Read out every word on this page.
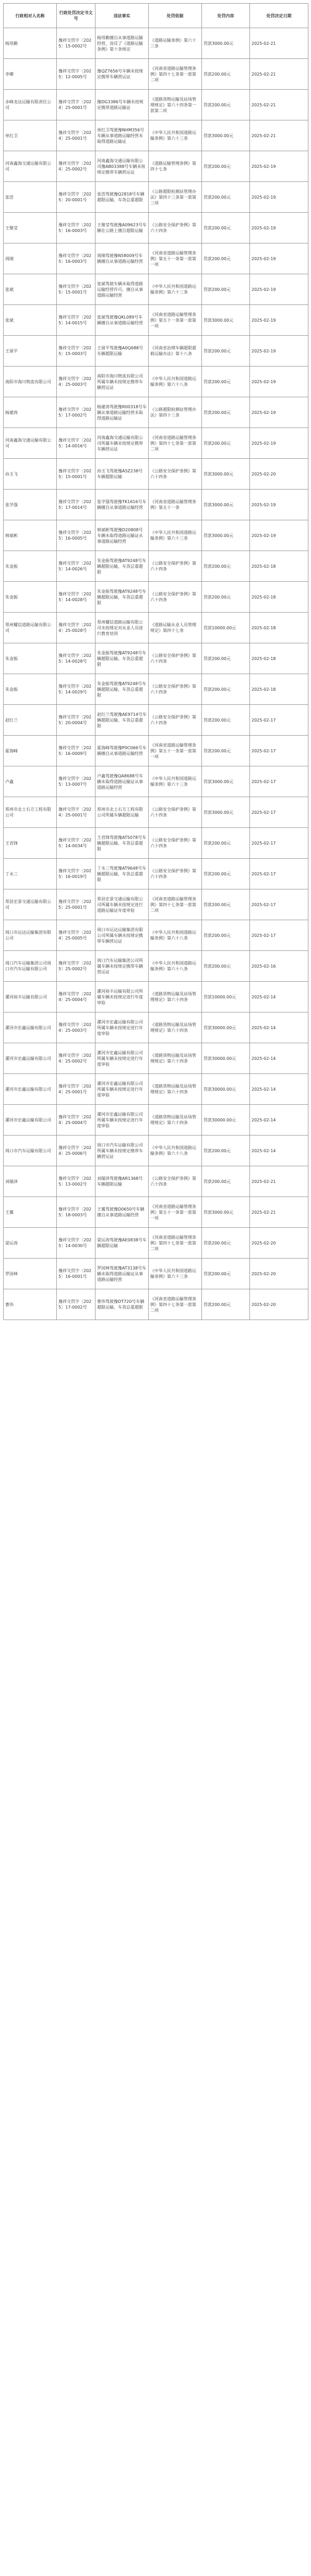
行政相对人名称	行政处罚决定书文号	违法事实	处罚依据	处罚内容	处罚决定日期
杨用勤	豫祥交罚字〔2025〕15-0002号	杨用勤擅自从事道路运输经营，违反了《道路运输条例》第十条规定	《道路运输条例》第六十三条	罚款3000.00元	2025-02-21
李卿	豫祥交罚字〔2025〕12-0005号	豫QZ7656号车辆未按规定携带车辆营运证	《河南省道路运输管理条例》第四十七条第一款第二项	罚款200.00元	2025-02-21
赤峰龙达运输有限责任公司	豫祥交罚字〔2024〕25-0001号	豫DG3386号车辆未按规定携带道路运输证	《道路货物运输及站场管理规定》第六十四条第一款第二项	罚款200.00元	2025-02-21
单红卫	豫祥交罚字〔2024〕25-0001号	单红卫驾驶豫NHM356号车辆从事道路运输经营未取得道路运输证	《中华人民共和国道路运输条例》第六十三条	罚款3000.00元	2025-02-21
河南鑫海交通运输有限公司	豫祥交罚字〔2024〕25-0002号	河南鑫海交通运输有限公司豫AB03388号车辆未按规定携带车辆营运证	《道路运输管理条例》第四十七条	罚款200.00元	2025-02-19
张浩	豫祥交罚字〔2025〕20-0001号	张浩驾驶豫Q2818号车辆超限运输，车货总重超限	《公路超限检测站管理办法》第四十三条第一款第三项	罚款200.00元	2025-02-19
王聚莹	豫祥交罚字〔2025〕16-0003号	王聚莹驾驶豫A09623号车辆在公路上擅自超限运输	《公路安全保护条例》第六十四条	罚款200.00元	2025-02-19
周刚	豫祥交罚字〔2025〕16-0003号	周刚驾驶豫N58009号车辆擅自从事道路运输经营	《河南省道路运输管理条例》第五十一条第一款第一项	罚款200.00元	2025-02-19
张斌	豫祥交罚字〔2025〕15-0001号	张斌驾驶车辆未取得道路运输经营许可，擅自从事道路运输经营	《中华人民共和国道路运输条例》第六十三条	罚款200.00元	2025-02-19
张斌	豫祥交罚字〔2025〕14-0015号	张斌驾驶豫QKL089号车辆擅自从事道路运输经营	《河南省道路运输管理条例》第五十一条第一款第一项	罚款3000.00元	2025-02-19
王留平	豫祥交罚字〔2025〕15-0003号	王留平驾驶豫A0Q688号车辆超限运输	《河南省治理车辆超限超载运输办法》第十八条	罚款200.00元	2025-02-19
南阳市海川物流有限公司	豫祥交罚字〔2024〕25-0003号	南阳市海川物流有限公司所属车辆未按规定携带车辆营运证	《中华人民共和国道路运输条例》第六十八条	罚款200.00元	2025-02-19
杨建涛	豫祥交罚字〔2025〕17-0002号	杨建涛驾驶豫R00318号车辆从事道路运输经营未取得道路运输证	《公路超限检测站管理办法》第四十三条	罚款200.00元	2025-02-19
河南鑫海交通运输有限公司	豫祥交罚字〔2025〕14-0016号	河南鑫海交通运输有限公司所属车辆未按规定携带车辆营运证	《河南省道路运输管理条例》第四十七条第一款第二项	罚款200.00元	2025-02-19
孙玉飞	豫祥交罚字〔2025〕15-0001号	孙玉飞驾驶豫A5Z238号车辆超限运输	《公路安全保护条例》第六十四条	罚款3000.00元	2025-02-20
张学强	豫祥交罚字〔2025〕17-0014号	张学强驾驶豫TK1616号车辆擅自从事道路运输经营	《河南省道路运输管理条例》第五十一条	罚款3000.00元	2025-02-19
韩斌彬	豫祥交罚字〔2025〕16-0005号	韩斌彬驾驶豫D20808号车辆未取得道路运输证从事道路运输经营	《中华人民共和国道路运输条例》第六十三条	罚款3000.00元	2025-02-19
朱金振	豫祥交罚字〔2025〕14-0026号	朱金振驾驶豫AT9248号车辆超限运输，车货总重超限	《公路安全保护条例》第六十四条	罚款200.00元	2025-02-18
朱金振	豫祥交罚字〔2025〕14-0028号	朱金振驾驶豫AT9248号车辆超限运输，车货总重超限	《公路安全保护条例》第六十四条	罚款200.00元	2025-02-18
郑州耀信道路运输有限公司	豫祥交罚字〔2024〕25-0028号	郑州耀信道路运输有限公司未按规定对从业人员进行教育培训	《道路运输从业人员管理规定》第四十七条	罚款10000.00元	2025-02-18
朱金振	豫祥交罚字〔2025〕14-0028号	朱金振驾驶豫AT9248号车辆超限运输，车货总重超限	《公路安全保护条例》第六十四条	罚款200.00元	2025-02-18
朱金振	豫祥交罚字〔2025〕14-0029号	朱金振驾驶豫AT9248号车辆超限运输，车货总重超限	《公路安全保护条例》第六十四条	罚款200.00元	2025-02-18
赵红兰	豫祥交罚字〔2025〕20-0004号	赵红兰驾驶豫AE9714号车辆超限运输，车货总重超限	《公路安全保护条例》第六十四条	罚款200.00元	2025-02-17
霍海峰	豫祥交罚字〔2025〕16-0009号	霍海峰驾驶豫P0C066号车辆擅自从事道路运输经营	《河南省道路运输管理条例》第五十一条第一款第一项	罚款200.00元	2025-02-17
卢鑫	豫祥交罚字〔2025〕13-0007号	卢鑫驾驶豫QA8688号车辆未取得道路运输证从事道路运输经营	《中华人民共和国道路运输条例》第六十三条	罚款3000.00元	2025-02-17
郑州市北土石方工程有限公司	豫祥交罚字〔2024〕25-0001号	郑州市北土石方工程有限公司所属车辆超限运输	《公路安全保护条例》第六十四条	罚款3000.00元	2025-02-17
王君锋	豫祥交罚字〔2025〕14-0034号	王君锋驾驶豫AT5078号车辆超限运输，车货总重超限	《公路安全保护条例》第六十四条	罚款200.00元	2025-02-17
丁永三	豫祥交罚字〔2025〕16-0019号	丁永三驾驶豫AT9648号车辆超限运输，车货总重超限	《公路安全保护条例》第六十四条	罚款200.00元	2025-02-17
郑县宏景交通运输有限公司	豫祥交罚字〔2025〕25-0001号	郑县宏景交通运输有限公司所属车辆未按规定进行道路运输证年度审验	《河南省道路运输管理条例》第四十七条第一款第二项	罚款200.00元	2025-02-17
周口市运达运输集团有限公司	豫祥交罚字〔2024〕25-0005号	周口市运达运输集团有限公司所属车辆未按规定携带车辆营运证	《中华人民共和国道路运输条例》第六十八条	罚款200.00元	2025-02-17
周口汽车运输集团公司周口市汽车运输有限公司	豫祥交罚字〔2025〕25-0002号	周口汽车运输集团公司所属车辆未按规定携带车辆营运证	《中华人民共和国道路运输条例》第六十八条	罚款200.00元	2025-02-16
漯河裕丰运输有限公司	豫祥交罚字〔2024〕25-0004号	漯河裕丰运输有限公司所属车辆未按规定进行年度审验	《道路货物运输及站场管理规定》第六十四条	罚款10000.00元	2025-02-14
漯河市宏鑫运输有限公司	豫祥交罚字〔2024〕25-0003号	漯河市宏鑫运输有限公司所属车辆未按规定进行年度审验	《道路货物运输及站场管理规定》第六十四条	罚款30000.00元	2025-02-14
漯河市宏鑫运输有限公司	豫祥交罚字〔2024〕25-0002号	漯河市宏鑫运输有限公司所属车辆未按规定进行年度审验	《道路货物运输及站场管理规定》第六十四条	罚款30000.00元	2025-02-14
漯河市宏鑫运输有限公司	豫祥交罚字〔2024〕25-0001号	漯河市宏鑫运输有限公司所属车辆未按规定进行年度审验	《道路货物运输及站场管理规定》第六十四条	罚款30000.00元	2025-02-14
漯河市宏鑫运输有限公司	豫祥交罚字〔2024〕25-0004号	漯河市宏鑫运输有限公司所属车辆未按规定进行年度审验	《道路货物运输及站场管理规定》第六十四条	罚款30000.00元	2025-02-14
周口市汽车运输有限公司	豫祥交罚字〔2024〕25-0006号	周口市汽车运输有限公司所属车辆未按规定携带车辆营运证	《中华人民共和国道路运输条例》第六十八条	罚款200.00元	2025-02-14
刘瑞泽	豫祥交罚字〔2025〕13-0002号	刘瑞泽驾驶豫AR1368号车辆超限运输	《公路安全保护条例》第六十四条	罚款200.00元	2025-02-21
王翼	豫祥交罚字〔2025〕18-0003号	王翼驾驶豫D0650号车辆擅自从事道路运输经营	《河南省道路运输管理条例》第五十一条第一款第一项	罚款3000.00元	2025-02-21
梁运涛	豫祥交罚字〔2025〕14-0030号	梁运涛驾驶豫AE0838号车辆超限运输	《河南省道路运输管理条例》第四十七条第一款第二项	罚款200.00元	2025-02-20
罗国林	豫祥交罚字〔2025〕16-0001号	罗国林驾驶豫AT3138号车辆未取得道路运输证从事道路运输经营	《中华人民共和国道路运输条例》第六十三条	罚款200.00元	2025-02-20
曹伟	豫祥交罚字〔2025〕17-0002号	曹伟驾驶豫DT720号车辆超限运输，车货总重超限	《河南省道路运输管理条例》第四十七条第一款第二项	罚款200.00元	2025-02-20
